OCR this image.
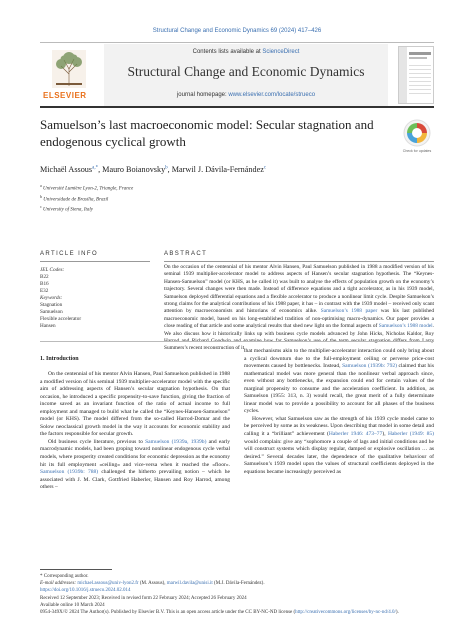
Structural Change and Economic Dynamics 69 (2024) 417–426
ELSEVIER
Contents lists available at ScienceDirect
Structural Change and Economic Dynamics
journal homepage: www.elsevier.com/locate/strueco
Samuelson’s last macroeconomic model: Secular stagnation and
endogenous cyclical growth
Check for updates
Michaël Assous$^{a,*}$, Mauro Boianovsky$^b$, Marwil J. Dávila-Fernández$^c$
$^a$ Université Lumière Lyon-2, Triangle, France
$^b$ Universidade de Brasília, Brazil
$^c$ University of Siena, Italy
ARTICLE INFO	ABSTRACT
JEL Codes:
B22
B16
E32
Keywords:
Stagnation
Samuelson
Flexible accelerator
Hansen
On the occasion of the centennial of his mentor Alvin Hansen, Paul Samuelson published in 1988 a modified version of his seminal 1939 multiplier-accelerator model to address aspects of Hansen’s secular stagnation hypothesis. The “Keynes-Hansen-Samuelson” model (or KHS, as he called it) was built to analyse the effects of population growth on the economy’s trajectory. Several changes were then made. Instead of difference equations and a tight accelerator, as in his 1939 model, Samuelson deployed differential equations and a flexible accelerator to produce a nonlinear limit cycle. Despite Samuelson’s strong claims for the analytical contributions of his 1988 paper, it has – in contrast with the 1939 model – received only scant attention by macroeconomists and historians of economics alike. Samuelson’s 1988 paper was his last published macroeconomic model, based on his long-established tradition of non-optimising macro-dynamics. Our paper provides a close reading of that article and some analytical results that shed new light on the formal aspects of Samuelson’s 1988 model. We also discuss how it historically links up with business cycle models advanced by John Hicks, Nicholas Kaldor, Roy Summers’s recent reconstruction of it.
1. Introduction

On the centennial of his mentor Alvin Hansen, Paul Samuelson published in 1988 a modified version of his seminal 1939 multiplier-accelerator model with the specific aim of addressing aspects of Hansen’s secular stagnation hypothesis. On that occasion, he introduced a specific propensity-to-save function, giving the fraction of income saved as an invariant function of the ratio of actual income to full employment and managed to build what he called the “Keynes-Hansen-Samuelson” model (or KHS). The model differed from the so-called Harrod-Domar and the Solow neoclassical growth model in the way it accounts for economic stability and the factors responsible for secular growth.

Old business cycle literature, previous to Samuelson (1939a, 1939b) and early macrodynamic models, had been groping toward nonlinear endogenous cycle verbal models, where prosperity created conditions for economic depression as the economy hit its full employment «ceiling» and vice-versa when it reached the «floor». Samuelson (1939b: 788) challenged the hitherto prevailing notion – which he associated with J. M. Clark, Gottfried Haberler, Hansen and Roy Harrod, among others –

that mechanisms akin to the multiplier-accelerator interaction could only bring about a cyclical downturn due to the full-employment ceiling or perverse price-cost movements caused by bottlenecks. Instead, Samuelson (1939b: 792) claimed that his mathematical model was more general than the nonlinear verbal approach since, even without any bottlenecks, the expansion could end for certain values of the marginal propensity to consume and the acceleration coefficient. In addition, as Samuelson (1955: 313, n. 3) would recall, the great merit of a fully determinate linear model was to provide a possibility to account for all phases of the business cycles.

However, what Samuelson saw as the strength of his 1939 cycle model came to be perceived by some as its weakness. Upon describing that model in some detail and calling it a “brilliant” achievement (Haberler 1946: 473–77), Haberler (1949: 85) would complain: give any “sophomore a couple of lags and initial conditions and he will construct systems which display regular, damped or explosive oscillation … as desired.” Several decades later, the dependence of the qualitative behaviour of Samuelson’s 1939 model upon the values of structural coefficients deployed in the equations became increasingly perceived as

* Corresponding author.

E-mail addresses: michael.assous@univ-lyon2.fr (M. Assous), marwil.davila@unisi.it (M.J. Dávila-Fernández).

https://doi.org/10.1016/j.strueco.2024.02.014

Received 12 September 2023; Received in revised form 22 February 2024; Accepted 26 February 2024

Available online 10 March 2024

0954-349X/© 2024 The Author(s). Published by Elsevier B.V. This is an open access article under the CC BY-NC-ND license (http://creativecommons.org/licenses/by-nc-nd/4.0/).
